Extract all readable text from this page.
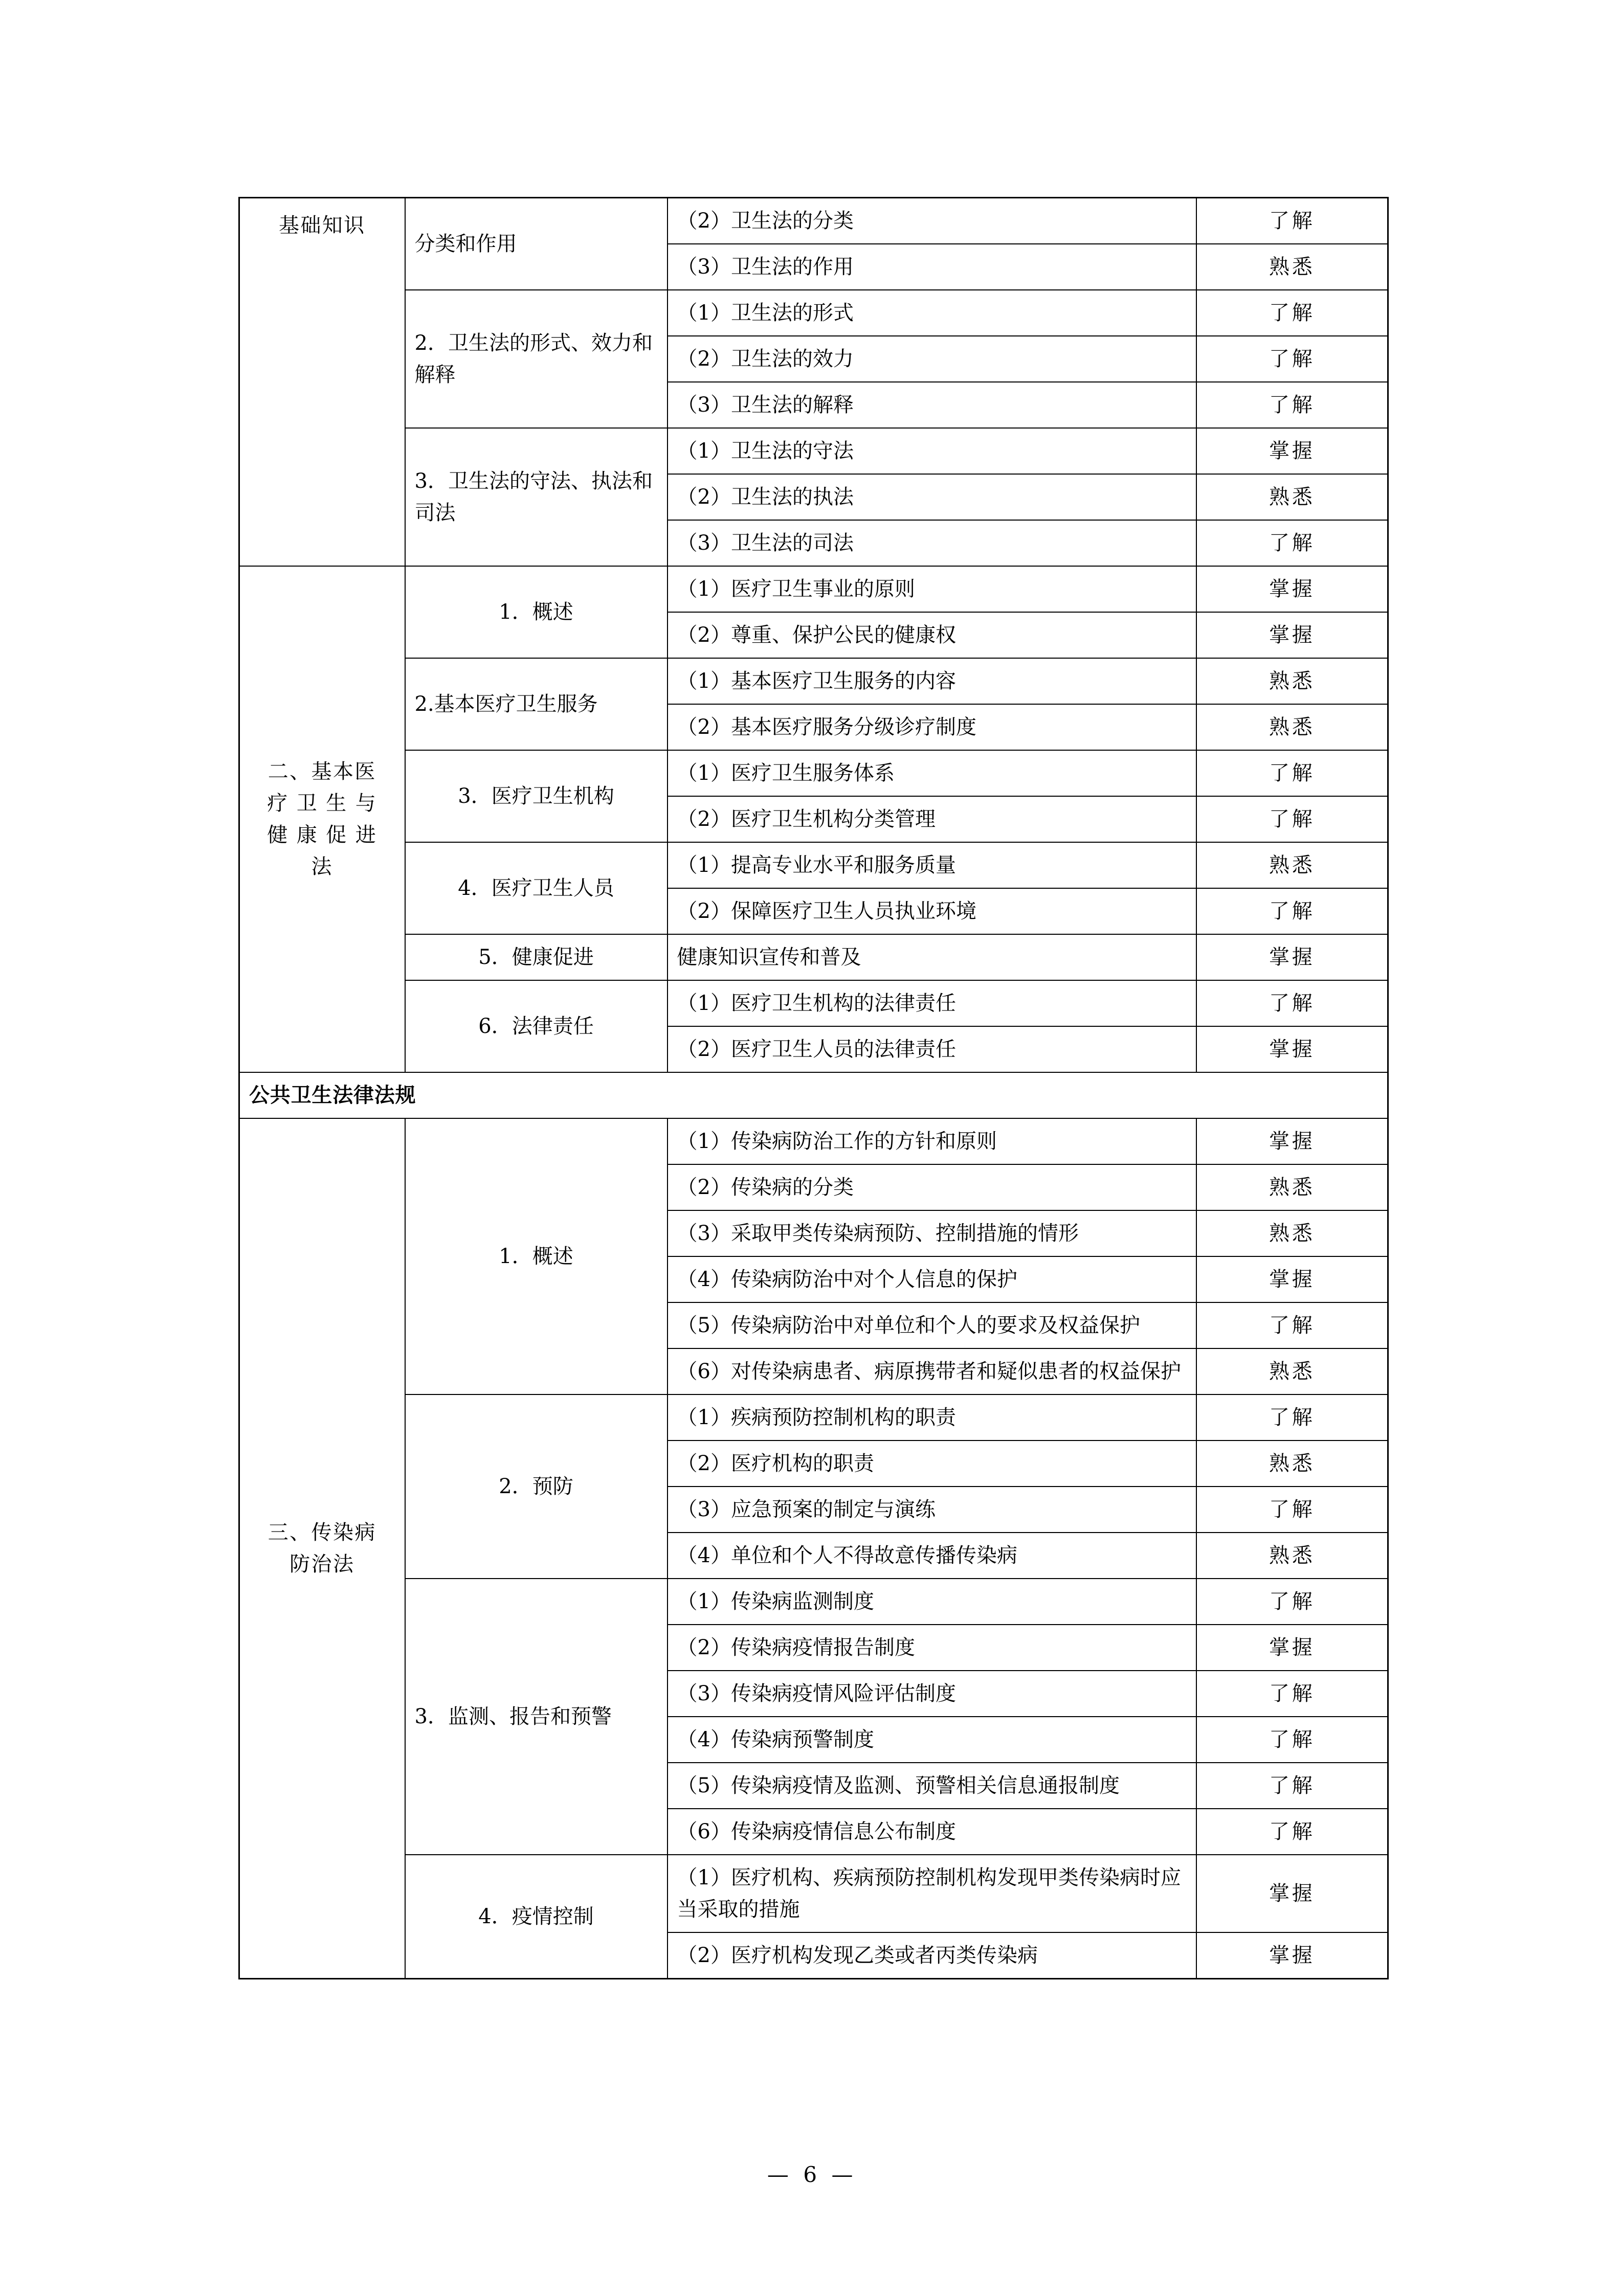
基础知识	分类和作用	（2）卫生法的分类	了解
		（3）卫生法的作用	熟悉
	2．卫生法的形式、效力和解释	（1）卫生法的形式	了解
		（2）卫生法的效力	了解
		（3）卫生法的解释	了解
	3．卫生法的守法、执法和司法	（1）卫生法的守法	掌握
		（2）卫生法的执法	熟悉
		（3）卫生法的司法	了解

二、基本医
疗 卫 生 与
健 康 促 进
法	1．概述	（1）医疗卫生事业的原则	掌握
		（2）尊重、保护公民的健康权	掌握
	2.基本医疗卫生服务	（1）基本医疗卫生服务的内容	熟悉
		（2）基本医疗服务分级诊疗制度	熟悉
	3．医疗卫生机构	（1）医疗卫生服务体系	了解
		（2）医疗卫生机构分类管理	了解
	4．医疗卫生人员	（1）提高专业水平和服务质量	熟悉
		（2）保障医疗卫生人员执业环境	了解
	5．健康促进	健康知识宣传和普及	掌握
	6．法律责任	（1）医疗卫生机构的法律责任	了解
		（2）医疗卫生人员的法律责任	掌握
公共卫生法律法规			

三、传染病
防治法	1．概述	（1）传染病防治工作的方针和原则	掌握
		（2）传染病的分类	熟悉
		（3）采取甲类传染病预防、控制措施的情形	熟悉
		（4）传染病防治中对个人信息的保护	掌握
		（5）传染病防治中对单位和个人的要求及权益保护	了解
		（6）对传染病患者、病原携带者和疑似患者的权益保护	熟悉
	2．预防	（1）疾病预防控制机构的职责	了解
		（2）医疗机构的职责	熟悉
		（3）应急预案的制定与演练	了解
		（4）单位和个人不得故意传播传染病	熟悉
	3．监测、报告和预警	（1）传染病监测制度	了解
		（2）传染病疫情报告制度	掌握
		（3）传染病疫情风险评估制度	了解
		（4）传染病预警制度	了解
		（5）传染病疫情及监测、预警相关信息通报制度	了解
		（6）传染病疫情信息公布制度	了解
	4．疫情控制	（1）医疗机构、疾病预防控制机构发现甲类传染病时应当采取的措施	掌握
		（2）医疗机构发现乙类或者丙类传染病	掌握
— 6 —
